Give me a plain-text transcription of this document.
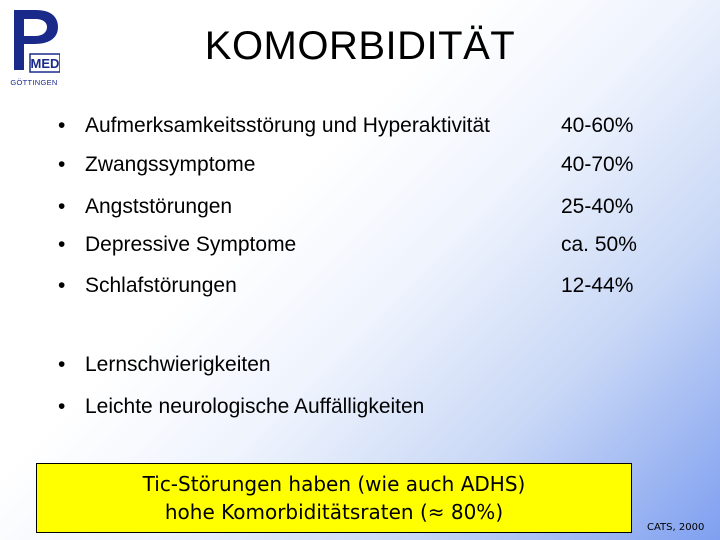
MED
GÖTTINGEN
KOMORBIDITÄT
• Aufmerksamkeitsstörung und Hyperaktivität	40-60%
• Zwangssymptome	40-70%
• Angststörungen	25-40%
• Depressive Symptome	ca. 50%
• Schlafstörungen	12-44%
• Lernschwierigkeiten
• Leichte neurologische Auffälligkeiten
Tic-Störungen haben (wie auch ADHS)
hohe Komorbiditätsraten (≈ 80%)
CATS, 2000
